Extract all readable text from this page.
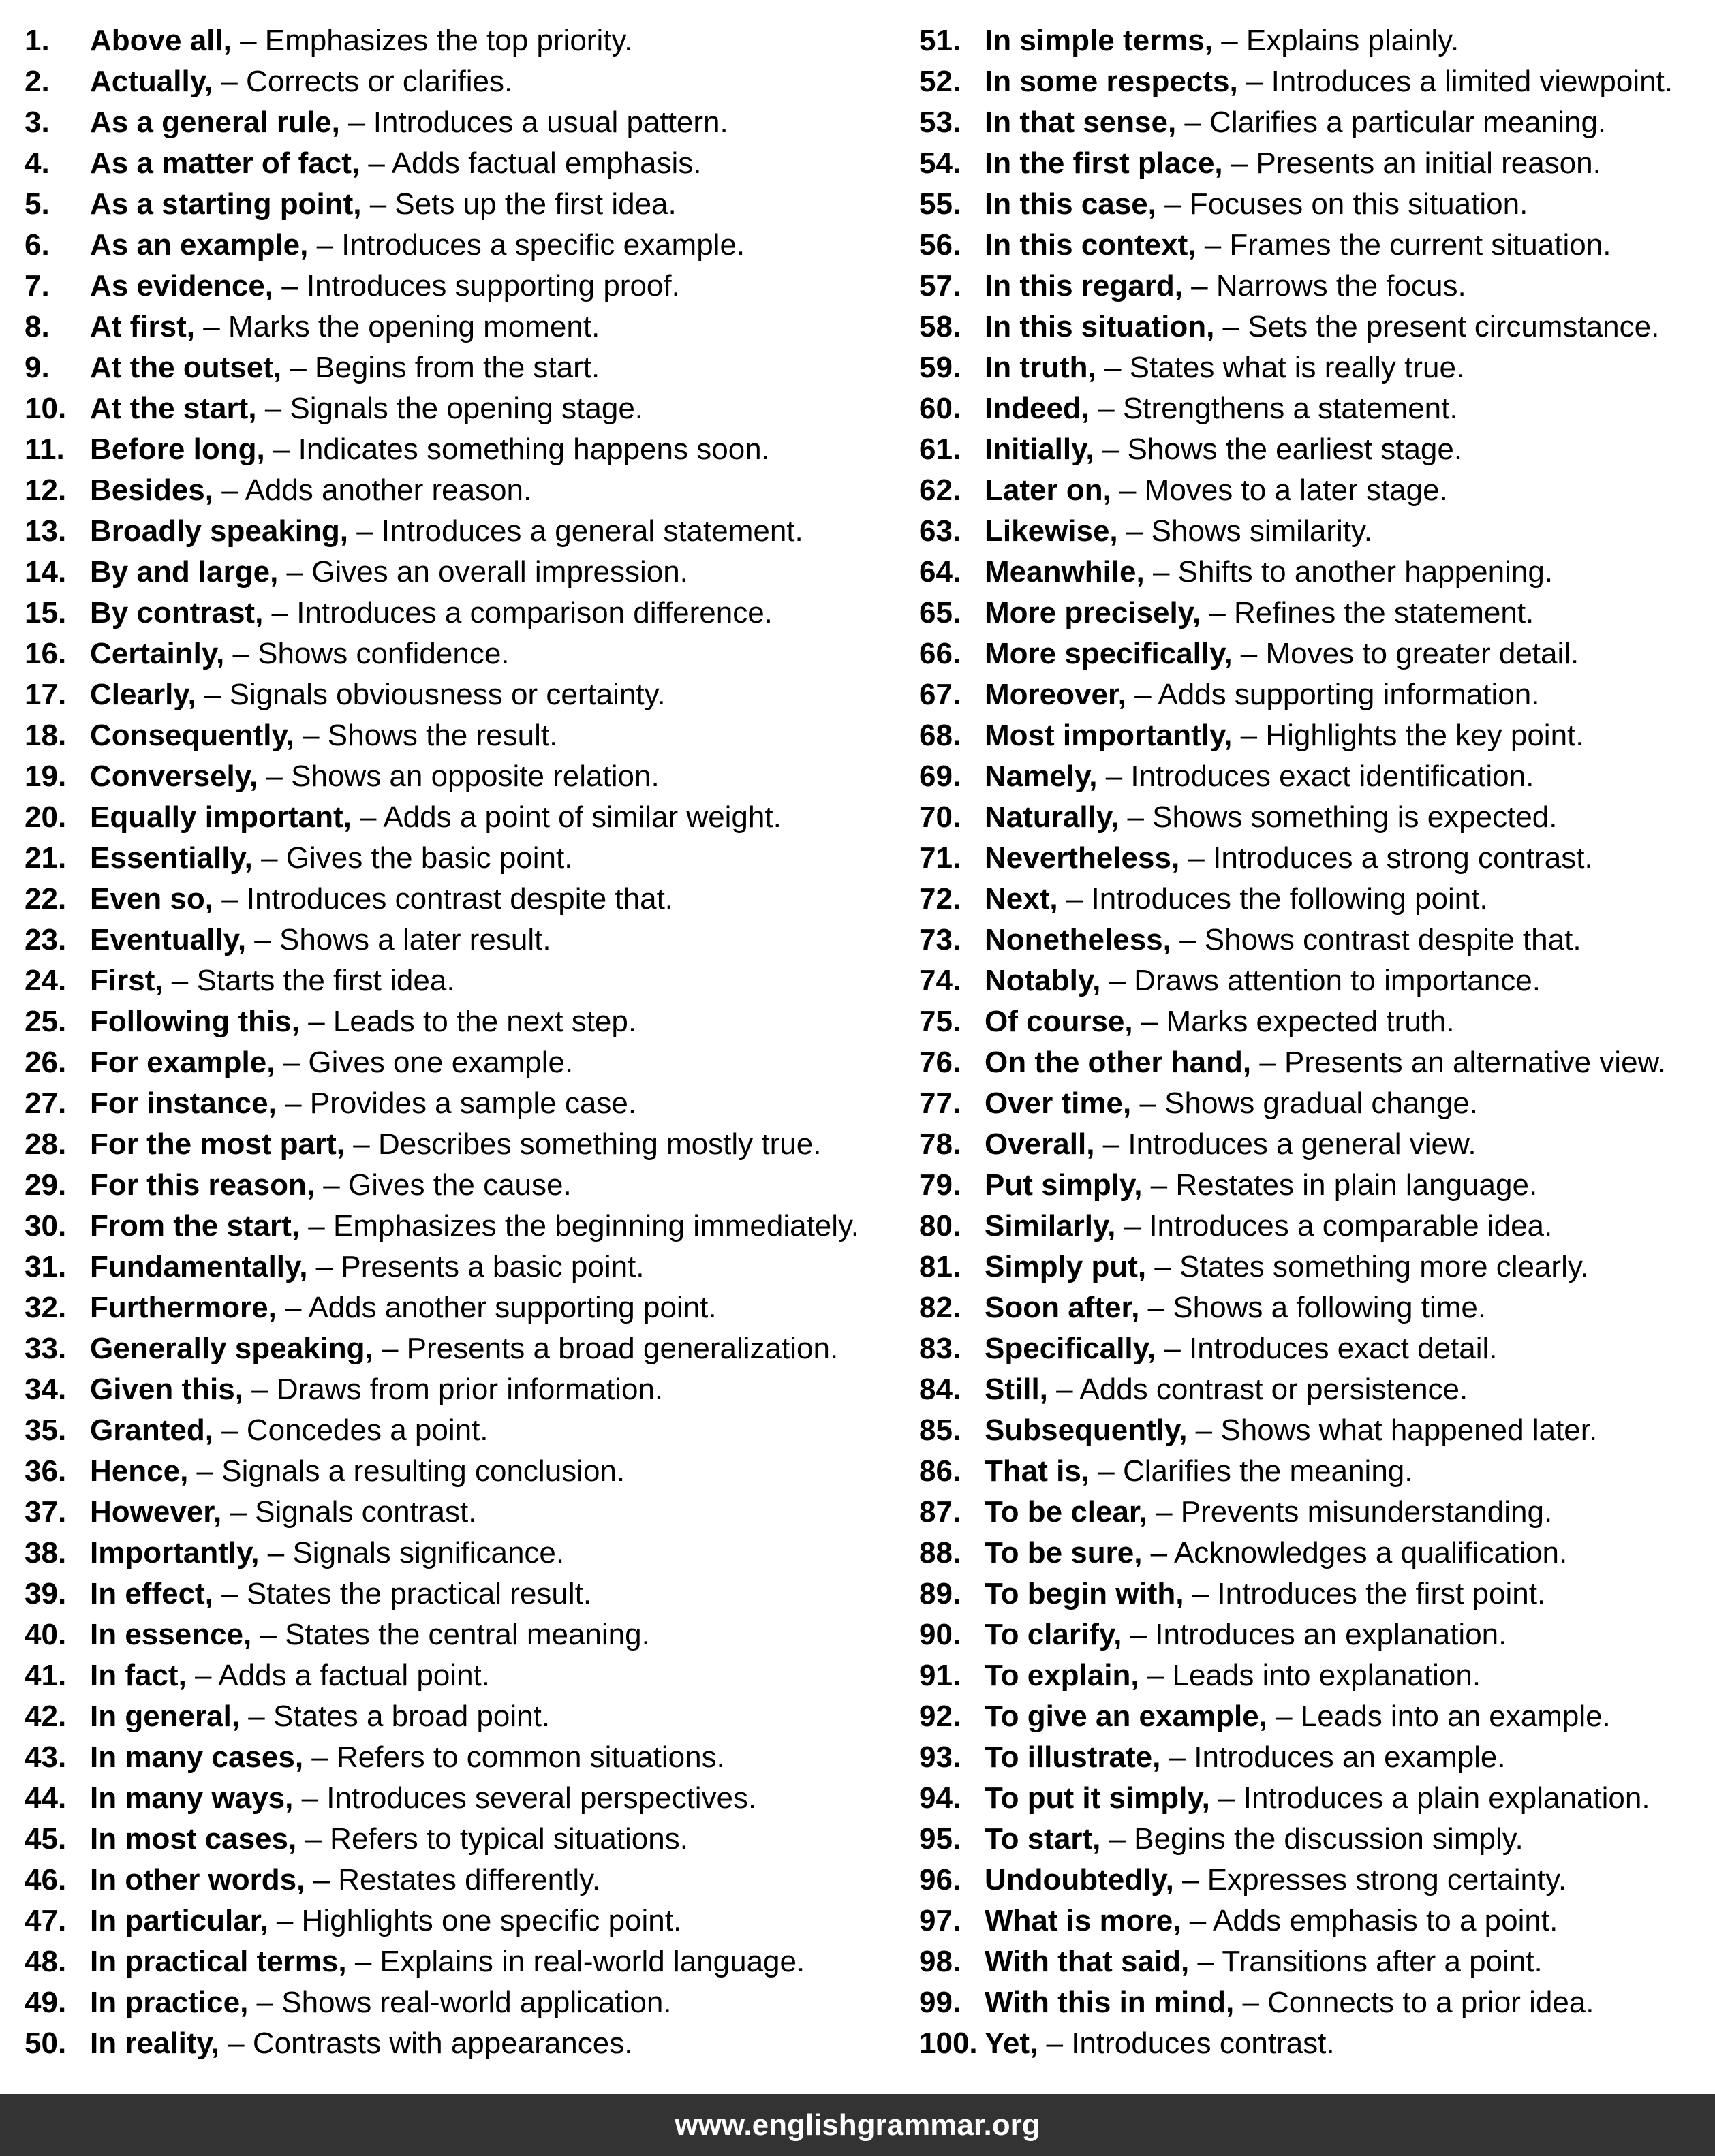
1. Above all, – Emphasizes the top priority.
2. Actually, – Corrects or clarifies.
3. As a general rule, – Introduces a usual pattern.
4. As a matter of fact, – Adds factual emphasis.
5. As a starting point, – Sets up the first idea.
6. As an example, – Introduces a specific example.
7. As evidence, – Introduces supporting proof.
8. At first, – Marks the opening moment.
9. At the outset, – Begins from the start.
10. At the start, – Signals the opening stage.
11. Before long, – Indicates something happens soon.
12. Besides, – Adds another reason.
13. Broadly speaking, – Introduces a general statement.
14. By and large, – Gives an overall impression.
15. By contrast, – Introduces a comparison difference.
16. Certainly, – Shows confidence.
17. Clearly, – Signals obviousness or certainty.
18. Consequently, – Shows the result.
19. Conversely, – Shows an opposite relation.
20. Equally important, – Adds a point of similar weight.
21. Essentially, – Gives the basic point.
22. Even so, – Introduces contrast despite that.
23. Eventually, – Shows a later result.
24. First, – Starts the first idea.
25. Following this, – Leads to the next step.
26. For example, – Gives one example.
27. For instance, – Provides a sample case.
28. For the most part, – Describes something mostly true.
29. For this reason, – Gives the cause.
30. From the start, – Emphasizes the beginning immediately.
31. Fundamentally, – Presents a basic point.
32. Furthermore, – Adds another supporting point.
33. Generally speaking, – Presents a broad generalization.
34. Given this, – Draws from prior information.
35. Granted, – Concedes a point.
36. Hence, – Signals a resulting conclusion.
37. However, – Signals contrast.
38. Importantly, – Signals significance.
39. In effect, – States the practical result.
40. In essence, – States the central meaning.
41. In fact, – Adds a factual point.
42. In general, – States a broad point.
43. In many cases, – Refers to common situations.
44. In many ways, – Introduces several perspectives.
45. In most cases, – Refers to typical situations.
46. In other words, – Restates differently.
47. In particular, – Highlights one specific point.
48. In practical terms, – Explains in real-world language.
49. In practice, – Shows real-world application.
50. In reality, – Contrasts with appearances.
51. In simple terms, – Explains plainly.
52. In some respects, – Introduces a limited viewpoint.
53. In that sense, – Clarifies a particular meaning.
54. In the first place, – Presents an initial reason.
55. In this case, – Focuses on this situation.
56. In this context, – Frames the current situation.
57. In this regard, – Narrows the focus.
58. In this situation, – Sets the present circumstance.
59. In truth, – States what is really true.
60. Indeed, – Strengthens a statement.
61. Initially, – Shows the earliest stage.
62. Later on, – Moves to a later stage.
63. Likewise, – Shows similarity.
64. Meanwhile, – Shifts to another happening.
65. More precisely, – Refines the statement.
66. More specifically, – Moves to greater detail.
67. Moreover, – Adds supporting information.
68. Most importantly, – Highlights the key point.
69. Namely, – Introduces exact identification.
70. Naturally, – Shows something is expected.
71. Nevertheless, – Introduces a strong contrast.
72. Next, – Introduces the following point.
73. Nonetheless, – Shows contrast despite that.
74. Notably, – Draws attention to importance.
75. Of course, – Marks expected truth.
76. On the other hand, – Presents an alternative view.
77. Over time, – Shows gradual change.
78. Overall, – Introduces a general view.
79. Put simply, – Restates in plain language.
80. Similarly, – Introduces a comparable idea.
81. Simply put, – States something more clearly.
82. Soon after, – Shows a following time.
83. Specifically, – Introduces exact detail.
84. Still, – Adds contrast or persistence.
85. Subsequently, – Shows what happened later.
86. That is, – Clarifies the meaning.
87. To be clear, – Prevents misunderstanding.
88. To be sure, – Acknowledges a qualification.
89. To begin with, – Introduces the first point.
90. To clarify, – Introduces an explanation.
91. To explain, – Leads into explanation.
92. To give an example, – Leads into an example.
93. To illustrate, – Introduces an example.
94. To put it simply, – Introduces a plain explanation.
95. To start, – Begins the discussion simply.
96. Undoubtedly, – Expresses strong certainty.
97. What is more, – Adds emphasis to a point.
98. With that said, – Transitions after a point.
99. With this in mind, – Connects to a prior idea.
100. Yet, – Introduces contrast.
www.englishgrammar.org
